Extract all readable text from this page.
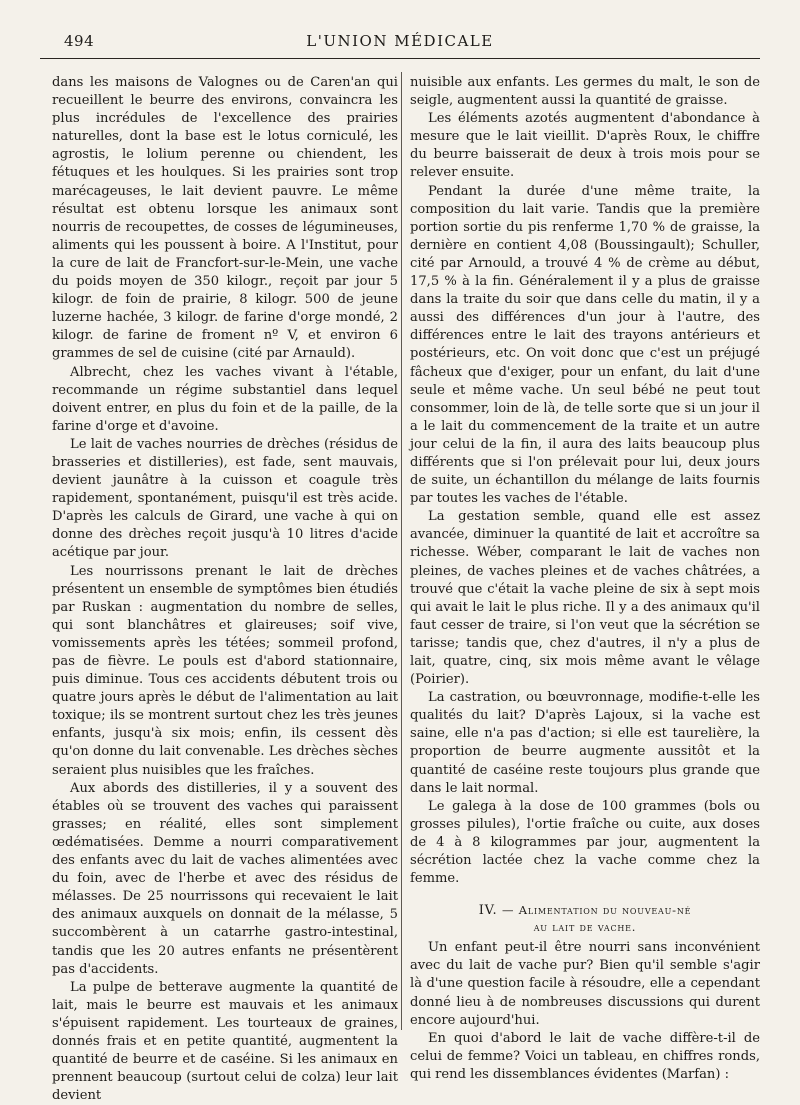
494	L'UNION MÉDICALE

dans les maisons de Valognes ou de Caren'an qui recueillent le beurre des environs, convaincra les plus incrédules de l'excellence des prairies naturelles, dont la base est le lotus corniculé, les agrostis, le lolium perenne ou chiendent, les fétuques et les houlques. Si les prairies sont trop marécageuses, le lait devient pauvre. Le même résultat est obtenu lorsque les animaux sont nourris de recoupettes, de cosses de légumineuses, aliments qui les poussent à boire. A l'Institut, pour la cure de lait de Francfort-sur-le-Mein, une vache du poids moyen de 350 kilogr., reçoit par jour 5 kilogr. de foin de prairie, 8 kilogr. 500 de jeune luzerne hachée, 3 kilogr. de farine d'orge mondé, 2 kilogr. de farine de froment nº V, et environ 6 grammes de sel de cuisine (cité par Arnauld).

Albrecht, chez les vaches vivant à l'étable, recommande un régime substantiel dans lequel doivent entrer, en plus du foin et de la paille, de la farine d'orge et d'avoine.

Le lait de vaches nourries de drèches (résidus de brasseries et distilleries), est fade, sent mauvais, devient jaunâtre à la cuisson et coagule très rapidement, spontanément, puisqu'il est très acide. D'après les calculs de Girard, une vache à qui on donne des drèches reçoit jusqu'à 10 litres d'acide acétique par jour.

Les nourrissons prenant le lait de drèches présentent un ensemble de symptômes bien étudiés par Ruskan : augmentation du nombre de selles, qui sont blanchâtres et glaireuses; soif vive, vomissements après les tétées; sommeil profond, pas de fièvre. Le pouls est d'abord stationnaire, puis diminue. Tous ces accidents débutent trois ou quatre jours après le début de l'alimentation au lait toxique; ils se montrent surtout chez les très jeunes enfants, jusqu'à six mois; enfin, ils cessent dès qu'on donne du lait convenable. Les drèches sèches seraient plus nuisibles que les fraîches.

Aux abords des distilleries, il y a souvent des étables où se trouvent des vaches qui paraissent grasses; en réalité, elles sont simplement œdématisées. Demme a nourri comparativement des enfants avec du lait de vaches alimentées avec du foin, avec de l'herbe et avec des résidus de mélasses. De 25 nourrissons qui recevaient le lait des animaux auxquels on donnait de la mélasse, 5 succombèrent à un catarrhe gastro-intestinal, tandis que les 20 autres enfants ne présentèrent pas d'accidents.

La pulpe de betterave augmente la quantité de lait, mais le beurre est mauvais et les animaux s'épuisent rapidement. Les tourteaux de graines, donnés frais et en petite quantité, augmentent la quantité de beurre et de caséine. Si les animaux en prennent beaucoup (surtout celui de colza) leur lait devient

nuisible aux enfants. Les germes du malt, le son de seigle, augmentent aussi la quantité de graisse.

Les éléments azotés augmentent d'abondance à mesure que le lait vieillit. D'après Roux, le chiffre du beurre baisserait de deux à trois mois pour se relever ensuite.

Pendant la durée d'une même traite, la composition du lait varie. Tandis que la première portion sortie du pis renferme 1,70 % de graisse, la dernière en contient 4,08 (Boussingault); Schuller, cité par Arnould, a trouvé 4 % de crème au début, 17,5 % à la fin. Généralement il y a plus de graisse dans la traite du soir que dans celle du matin, il y a aussi des différences d'un jour à l'autre, des différences entre le lait des trayons antérieurs et postérieurs, etc. On voit donc que c'est un préjugé fâcheux que d'exiger, pour un enfant, du lait d'une seule et même vache. Un seul bébé ne peut tout consommer, loin de là, de telle sorte que si un jour il a le lait du commencement de la traite et un autre jour celui de la fin, il aura des laits beaucoup plus différents que si l'on prélevait pour lui, deux jours de suite, un échantillon du mélange de laits fournis par toutes les vaches de l'étable.

La gestation semble, quand elle est assez avancée, diminuer la quantité de lait et accroître sa richesse. Wéber, comparant le lait de vaches non pleines, de vaches pleines et de vaches châtrées, a trouvé que c'était la vache pleine de six à sept mois qui avait le lait le plus riche. Il y a des animaux qu'il faut cesser de traire, si l'on veut que la sécrétion se tarisse; tandis que, chez d'autres, il n'y a plus de lait, quatre, cinq, six mois même avant le vêlage (Poirier).

La castration, ou bœuvronnage, modifie-t-elle les qualités du lait? D'après Lajoux, si la vache est saine, elle n'a pas d'action; si elle est taurelière, la proportion de beurre augmente aussitôt et la quantité de caséine reste toujours plus grande que dans le lait normal.

Le galega à la dose de 100 grammes (bols ou grosses pilules), l'ortie fraîche ou cuite, aux doses de 4 à 8 kilogrammes par jour, augmentent la sécrétion lactée chez la vache comme chez la femme.

IV. — Alimentation du nouveau-né
au lait de vache.

Un enfant peut-il être nourri sans inconvénient avec du lait de vache pur? Bien qu'il semble s'agir là d'une question facile à résoudre, elle a cependant donné lieu à de nombreuses discussions qui durent encore aujourd'hui.

En quoi d'abord le lait de vache diffère-t-il de celui de femme? Voici un tableau, en chiffres ronds, qui rend les dissemblances évidentes (Marfan) :
